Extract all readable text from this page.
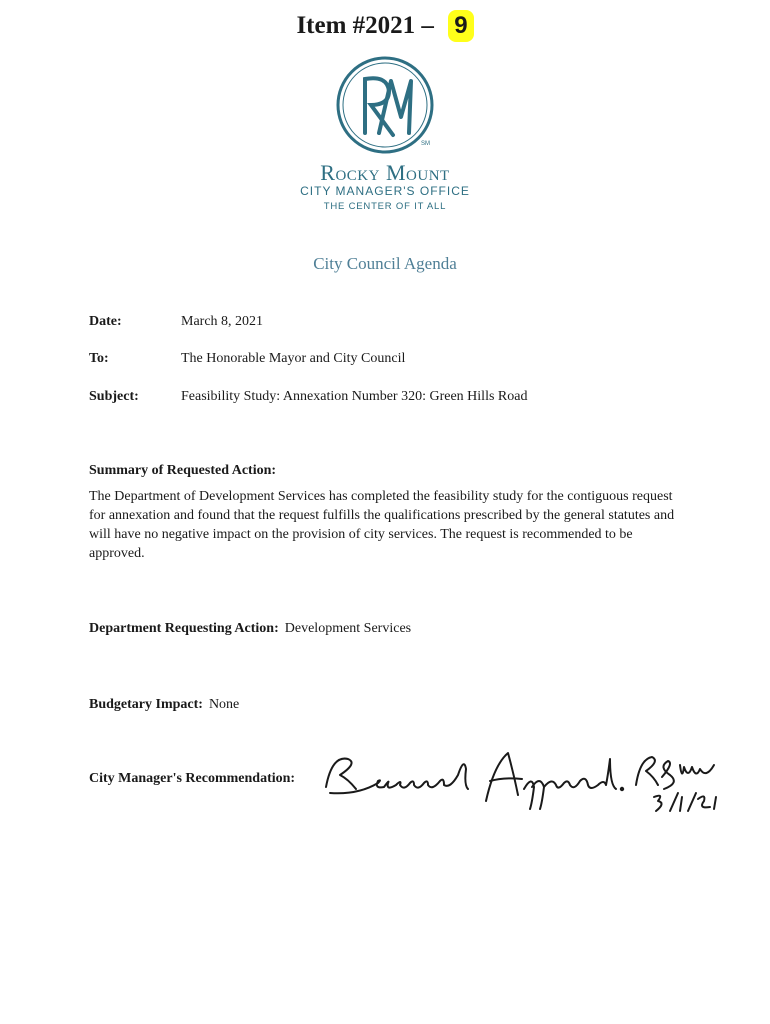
Item #2021 – 9
SM
Rocky Mount
CITY MANAGER'S OFFICE
THE CENTER OF IT ALL
City Council Agenda
Date:	March 8, 2021
To:	The Honorable Mayor and City Council
Subject:	Feasibility Study: Annexation Number 320: Green Hills Road
Summary of Requested Action:
The Department of Development Services has completed the feasibility study for the contiguous request for annexation and found that the request fulfills the qualifications prescribed by the general statutes and will have no negative impact on the provision of city services. The request is recommended to be approved.
Department Requesting Action: Development Services
Budgetary Impact: None
City Manager's Recommendation:
